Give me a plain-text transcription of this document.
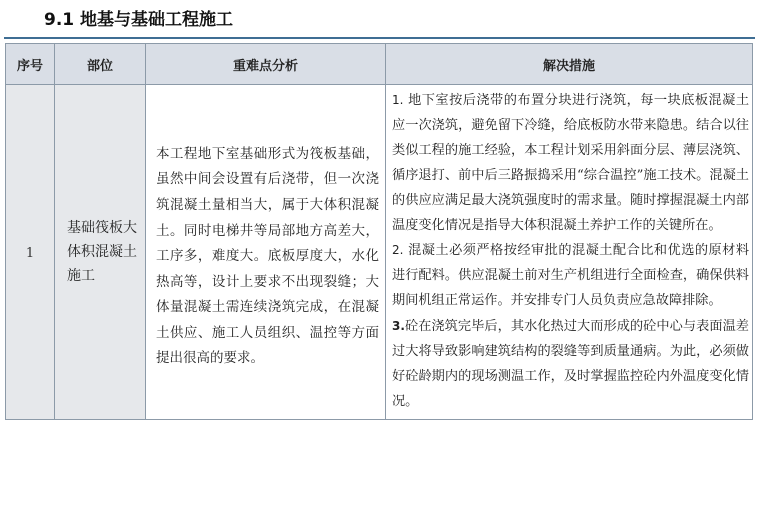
9.1 地基与基础工程施工
序号	部位	重难点分析	解决措施
1	基础筏板大体积混凝土施工	本工程地下室基础形式为筏板基础，虽然中间会设置有后浇带，但一次浇筑混凝土量相当大，属于大体积混凝土。同时电梯井等局部地方高差大，工序多，难度大。底板厚度大，水化热高等，设计上要求不出现裂缝；大体量混凝土需连续浇筑完成，在混凝土供应、施工人员组织、温控等方面提出很高的要求。	1. 地下室按后浇带的布置分块进行浇筑，每一块底板混凝土应一次浇筑，避免留下冷缝，给底板防水带来隐患。结合以往类似工程的施工经验，本工程计划采用斜面分层、薄层浇筑、循序退打、前中后三路振捣采用“综合温控”施工技术。混凝土的供应应满足最大浇筑强度时的需求量。随时撑握混凝土内部温度变化情况是指导大体积混凝土养护工作的关键所在。
2. 混凝土必须严格按经审批的混凝土配合比和优选的原材料进行配料。供应混凝土前对生产机组进行全面检查，确保供料期间机组正常运作。并安排专门人员负责应急故障排除。
3.砼在浇筑完毕后，其水化热过大而形成的砼中心与表面温差过大将导致影响建筑结构的裂缝等到质量通病。为此，必须做好砼龄期内的现场测温工作，及时掌握监控砼内外温度变化情况。
